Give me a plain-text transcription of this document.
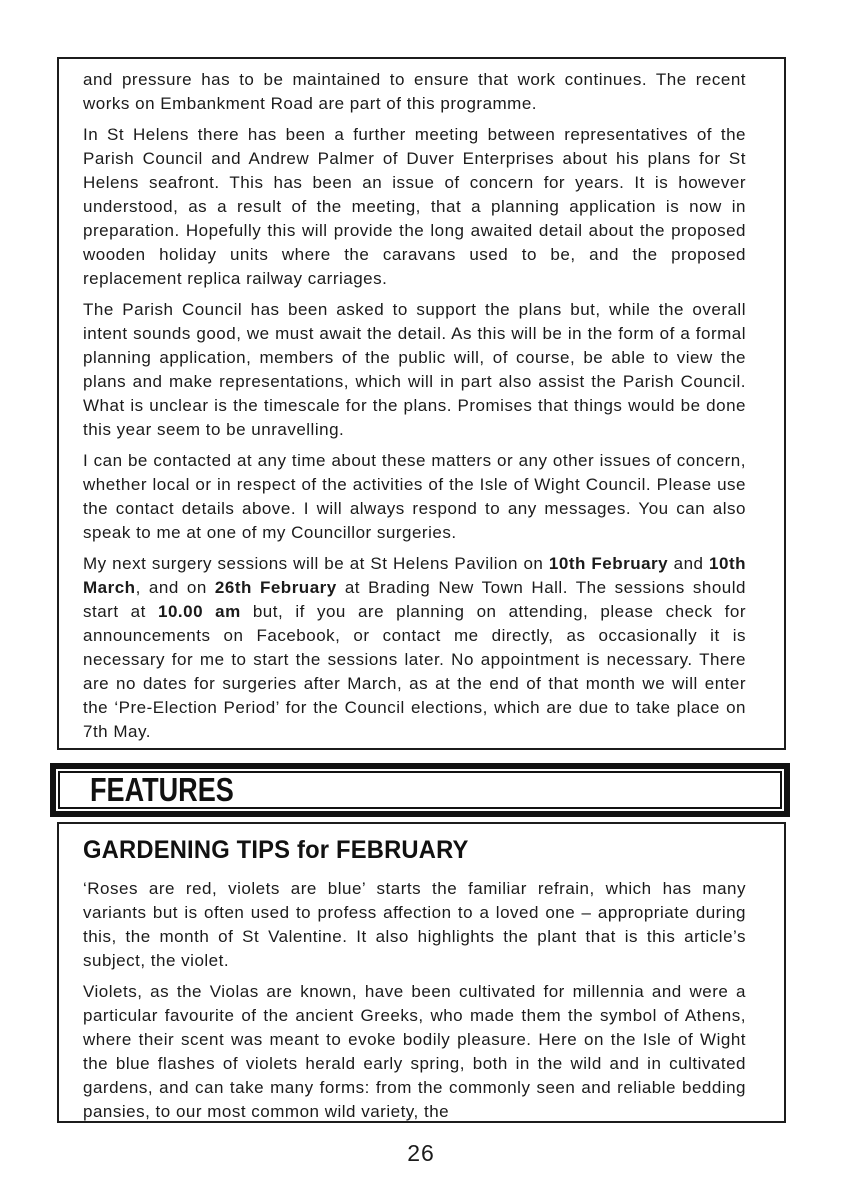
and pressure has to be maintained to ensure that work continues. The recent works on Embankment Road are part of this programme.

In St Helens there has been a further meeting between representatives of the Parish Council and Andrew Palmer of Duver Enterprises about his plans for St Helens seafront. This has been an issue of concern for years. It is however understood, as a result of the meeting, that a planning application is now in preparation. Hopefully this will provide the long awaited detail about the proposed wooden holiday units where the caravans used to be, and the proposed replacement replica railway carriages.

The Parish Council has been asked to support the plans but, while the overall intent sounds good, we must await the detail. As this will be in the form of a formal planning application, members of the public will, of course, be able to view the plans and make representations, which will in part also assist the Parish Council. What is unclear is the timescale for the plans. Promises that things would be done this year seem to be unravelling.

I can be contacted at any time about these matters or any other issues of concern, whether local or in respect of the activities of the Isle of Wight Council. Please use the contact details above. I will always respond to any messages. You can also speak to me at one of my Councillor surgeries.

My next surgery sessions will be at St Helens Pavilion on 10th February and 10th March, and on 26th February at Brading New Town Hall. The sessions should start at 10.00 am but, if you are planning on attending, please check for announcements on Facebook, or contact me directly, as occasionally it is necessary for me to start the sessions later. No appointment is necessary. There are no dates for surgeries after March, as at the end of that month we will enter the ‘Pre-Election Period’ for the Council elections, which are due to take place on 7th May.

FEATURES
GARDENING TIPS for FEBRUARY

‘Roses are red, violets are blue’ starts the familiar refrain, which has many variants but is often used to profess affection to a loved one – appropriate during this, the month of St Valentine. It also highlights the plant that is this article’s subject, the violet.

Violets, as the Violas are known, have been cultivated for millennia and were a particular favourite of the ancient Greeks, who made them the symbol of Athens, where their scent was meant to evoke bodily pleasure. Here on the Isle of Wight the blue flashes of violets herald early spring, both in the wild and in cultivated gardens, and can take many forms: from the commonly seen and reliable bedding pansies, to our most common wild variety, the

26
